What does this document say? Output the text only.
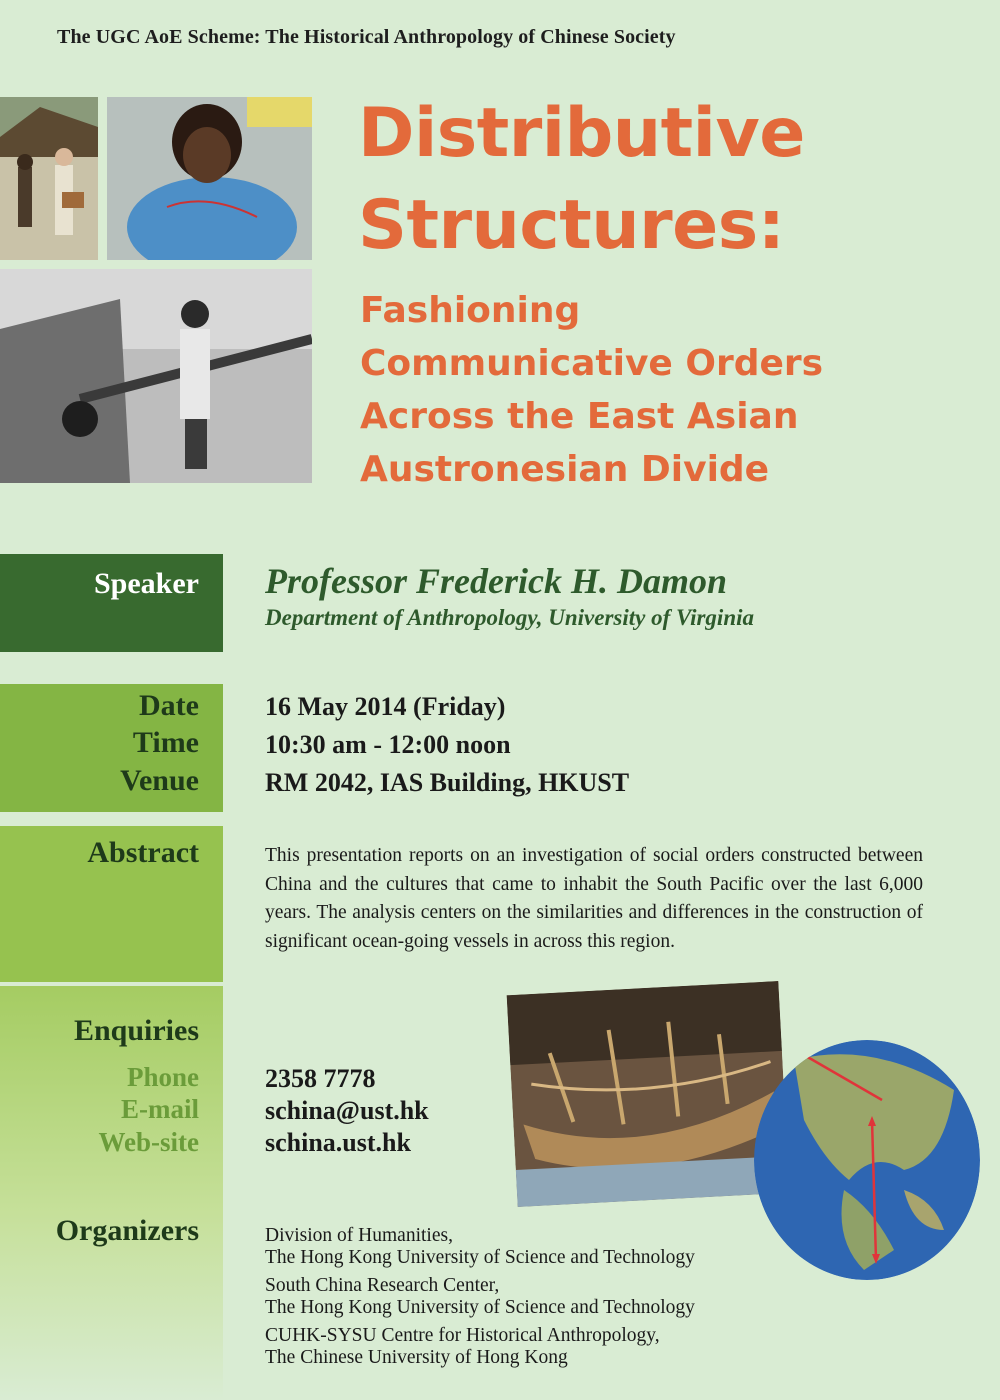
The UGC AoE Scheme: The Historical Anthropology of Chinese Society
Distributive
Structures:
Fashioning
Communicative Orders
Across the East Asian
Austronesian Divide
Speaker Professor Frederick H. Damon
Department of Anthropology, University of Virginia
Date
Time
Venue
16 May 2014 (Friday)
10:30 am - 12:00 noon
RM 2042, IAS Building, HKUST
Abstract	This presentation reports on an investigation of social orders constructed between China and the cultures that came to inhabit the South Pacific over the last 6,000 years. The analysis centers on the similarities and differences in the construction of significant ocean-going vessels in across this region.
Enquiries
Phone
E-mail
Web-site
Organizers
2358 7778
schina@ust.hk
schina.ust.hk
Division of Humanities,
The Hong Kong University of Science and Technology
South China Research Center,
The Hong Kong University of Science and Technology
CUHK-SYSU Centre for Historical Anthropology,
The Chinese University of Hong Kong
